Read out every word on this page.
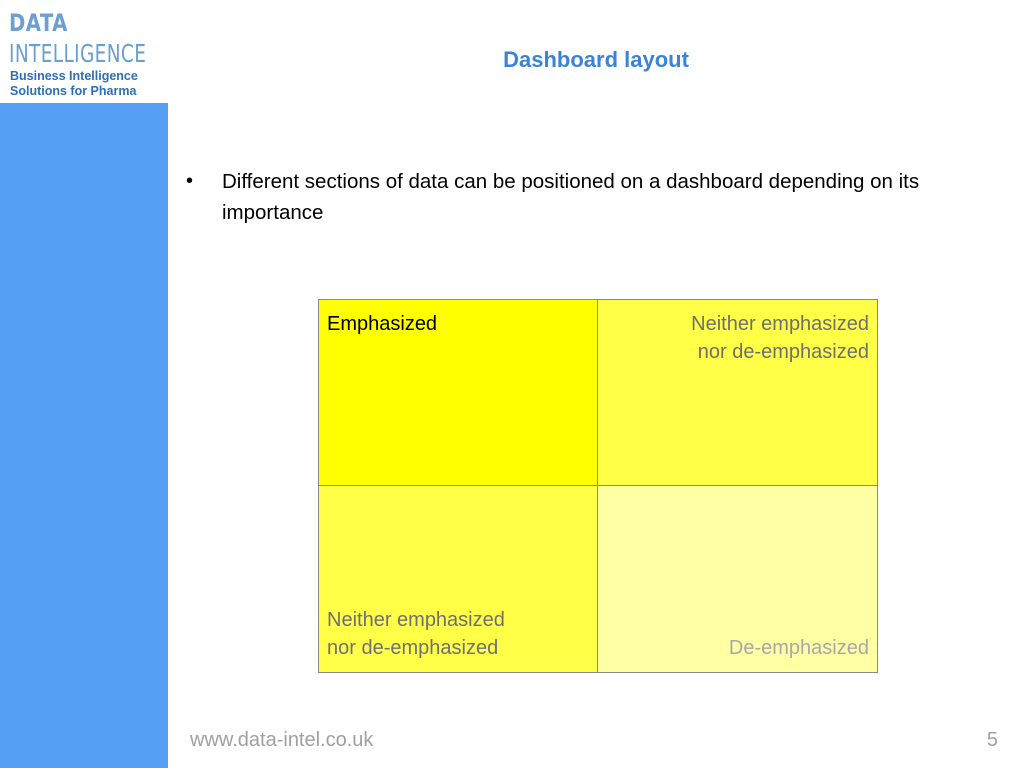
DATA

INTELLIGENCE

Business Intelligence
Solutions for Pharma
Dashboard layout
• Different sections of data can be positioned on a dashboard depending on its importance
Emphasized	Neither emphasized
nor de-emphasized
Neither emphasized
nor de-emphasized	De-emphasized
www.data-intel.co.uk	5
